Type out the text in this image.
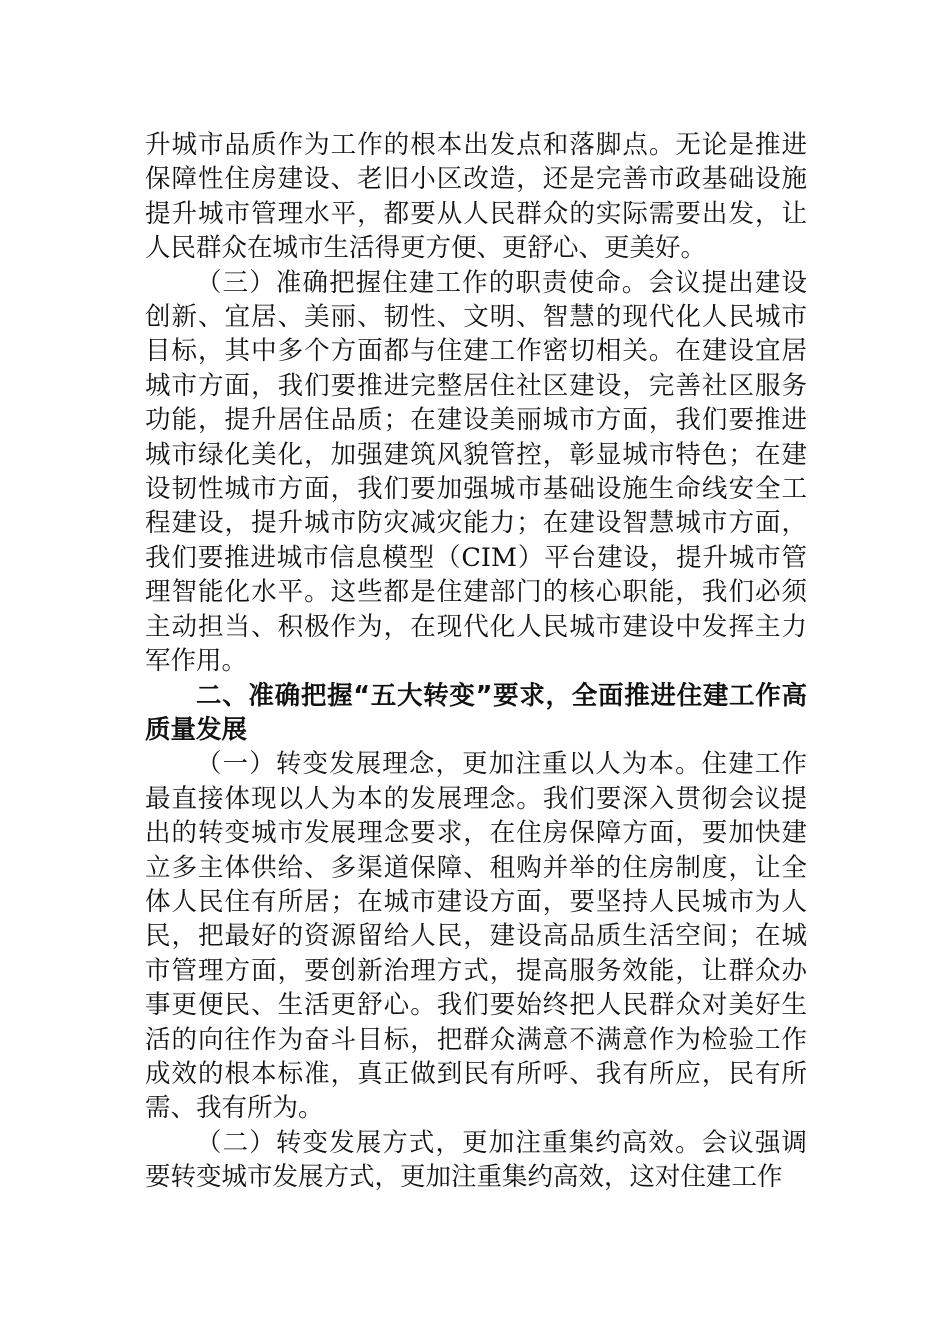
升城市品质作为工作的根本出发点和落脚点。无论是推进保障性住房建设、老旧小区改造，还是完善市政基础设施提升城市管理水平，都要从人民群众的实际需要出发，让人民群众在城市生活得更方便、更舒心、更美好。

（三）准确把握住建工作的职责使命。会议提出建设创新、宜居、美丽、韧性、文明、智慧的现代化人民城市目标，其中多个方面都与住建工作密切相关。在建设宜居城市方面，我们要推进完整居住社区建设，完善社区服务功能，提升居住品质；在建设美丽城市方面，我们要推进城市绿化美化，加强建筑风貌管控，彰显城市特色；在建设韧性城市方面，我们要加强城市基础设施生命线安全工程建设，提升城市防灾减灾能力；在建设智慧城市方面，我们要推进城市信息模型（CIM）平台建设，提升城市管理智能化水平。这些都是住建部门的核心职能，我们必须主动担当、积极作为，在现代化人民城市建设中发挥主力军作用。

二、准确把握“五大转变”要求，全面推进住建工作高质量发展

（一）转变发展理念，更加注重以人为本。住建工作最直接体现以人为本的发展理念。我们要深入贯彻会议提出的转变城市发展理念要求，在住房保障方面，要加快建立多主体供给、多渠道保障、租购并举的住房制度，让全体人民住有所居；在城市建设方面，要坚持人民城市为人民，把最好的资源留给人民，建设高品质生活空间；在城市管理方面，要创新治理方式，提高服务效能，让群众办事更便民、生活更舒心。我们要始终把人民群众对美好生活的向往作为奋斗目标，把群众满意不满意作为检验工作成效的根本标准，真正做到民有所呼、我有所应，民有所需、我有所为。

（二）转变发展方式，更加注重集约高效。会议强调要转变城市发展方式，更加注重集约高效，这对住建工作
